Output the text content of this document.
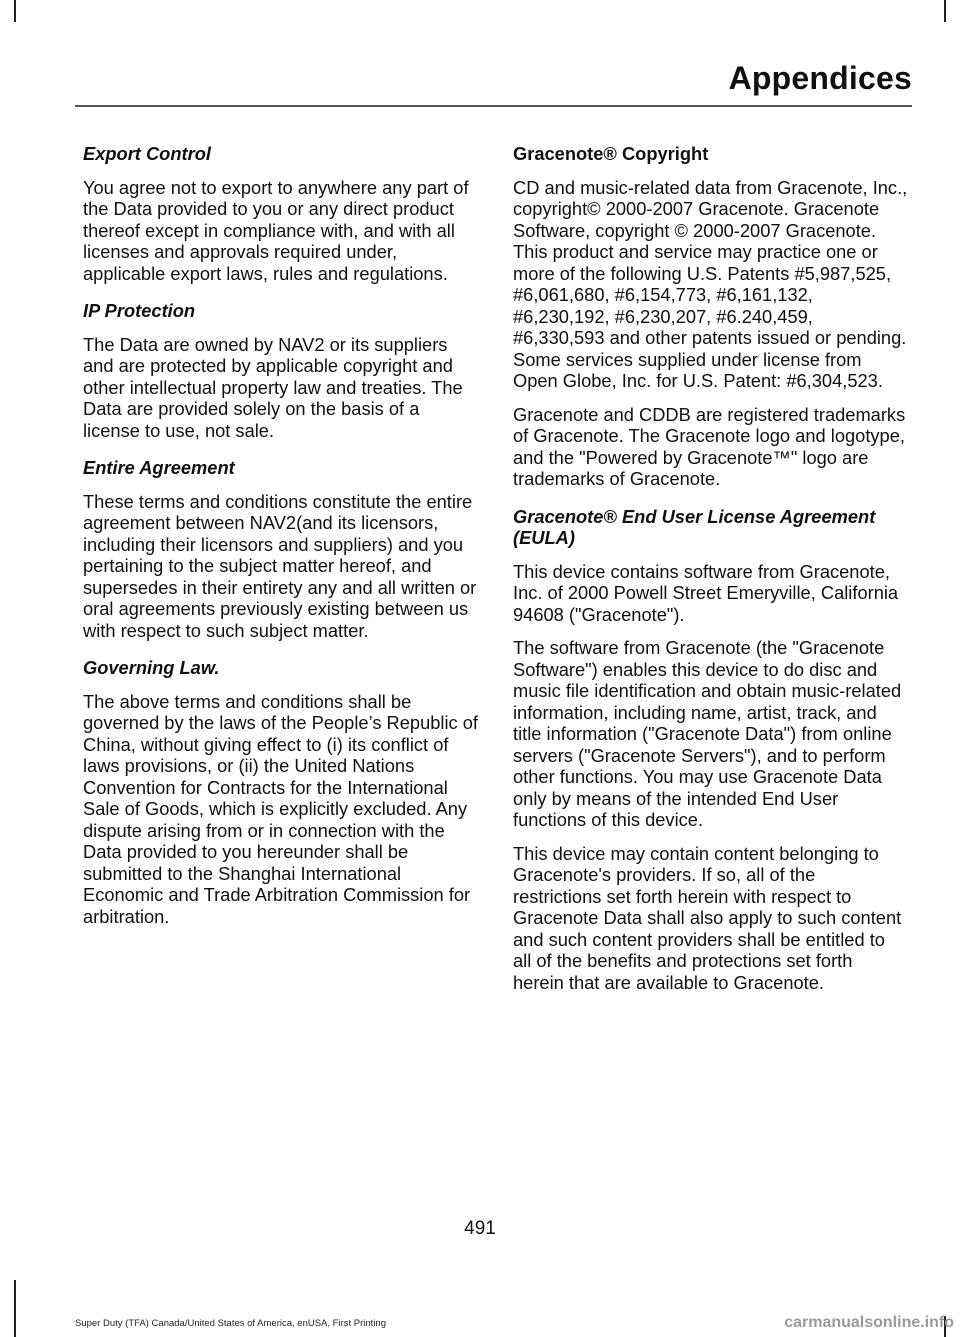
Appendices
Export Control

You agree not to export to anywhere any part of the Data provided to you or any direct product thereof except in compliance with, and with all licenses and approvals required under, applicable export laws, rules and regulations.

IP Protection

The Data are owned by NAV2 or its suppliers and are protected by applicable copyright and other intellectual property law and treaties. The Data are provided solely on the basis of a license to use, not sale.

Entire Agreement

These terms and conditions constitute the entire agreement between NAV2(and its licensors, including their licensors and suppliers) and you pertaining to the subject matter hereof, and supersedes in their entirety any and all written or oral agreements previously existing between us with respect to such subject matter.

Governing Law.

The above terms and conditions shall be governed by the laws of the People’s Republic of China, without giving effect to (i) its conflict of laws provisions, or (ii) the United Nations Convention for Contracts for the International Sale of Goods, which is explicitly excluded. Any dispute arising from or in connection with the Data provided to you hereunder shall be submitted to the Shanghai International Economic and Trade Arbitration Commission for arbitration.

Gracenote® Copyright

CD and music-related data from Gracenote, Inc., copyright© 2000-2007 Gracenote. Gracenote Software, copyright © 2000-2007 Gracenote. This product and service may practice one or more of the following U.S. Patents #5,987,525, #6,061,680, #6,154,773, #6,161,132, #6,230,192, #6,230,207, #6.240,459, #6,330,593 and other patents issued or pending. Some services supplied under license from Open Globe, Inc. for U.S. Patent: #6,304,523.

Gracenote and CDDB are registered trademarks of Gracenote. The Gracenote logo and logotype, and the "Powered by Gracenote™" logo are trademarks of Gracenote.

Gracenote® End User License Agreement (EULA)

This device contains software from Gracenote, Inc. of 2000 Powell Street Emeryville, California 94608 ("Gracenote").

The software from Gracenote (the "Gracenote Software") enables this device to do disc and music file identification and obtain music-related information, including name, artist, track, and title information ("Gracenote Data") from online servers ("Gracenote Servers"), and to perform other functions. You may use Gracenote Data only by means of the intended End User functions of this device.

This device may contain content belonging to Gracenote's providers. If so, all of the restrictions set forth herein with respect to Gracenote Data shall also apply to such content and such content providers shall be entitled to all of the benefits and protections set forth herein that are available to Gracenote.

491
Super Duty (TFA) Canada/United States of America, enUSA, First Printing	carmanualsonline.info
